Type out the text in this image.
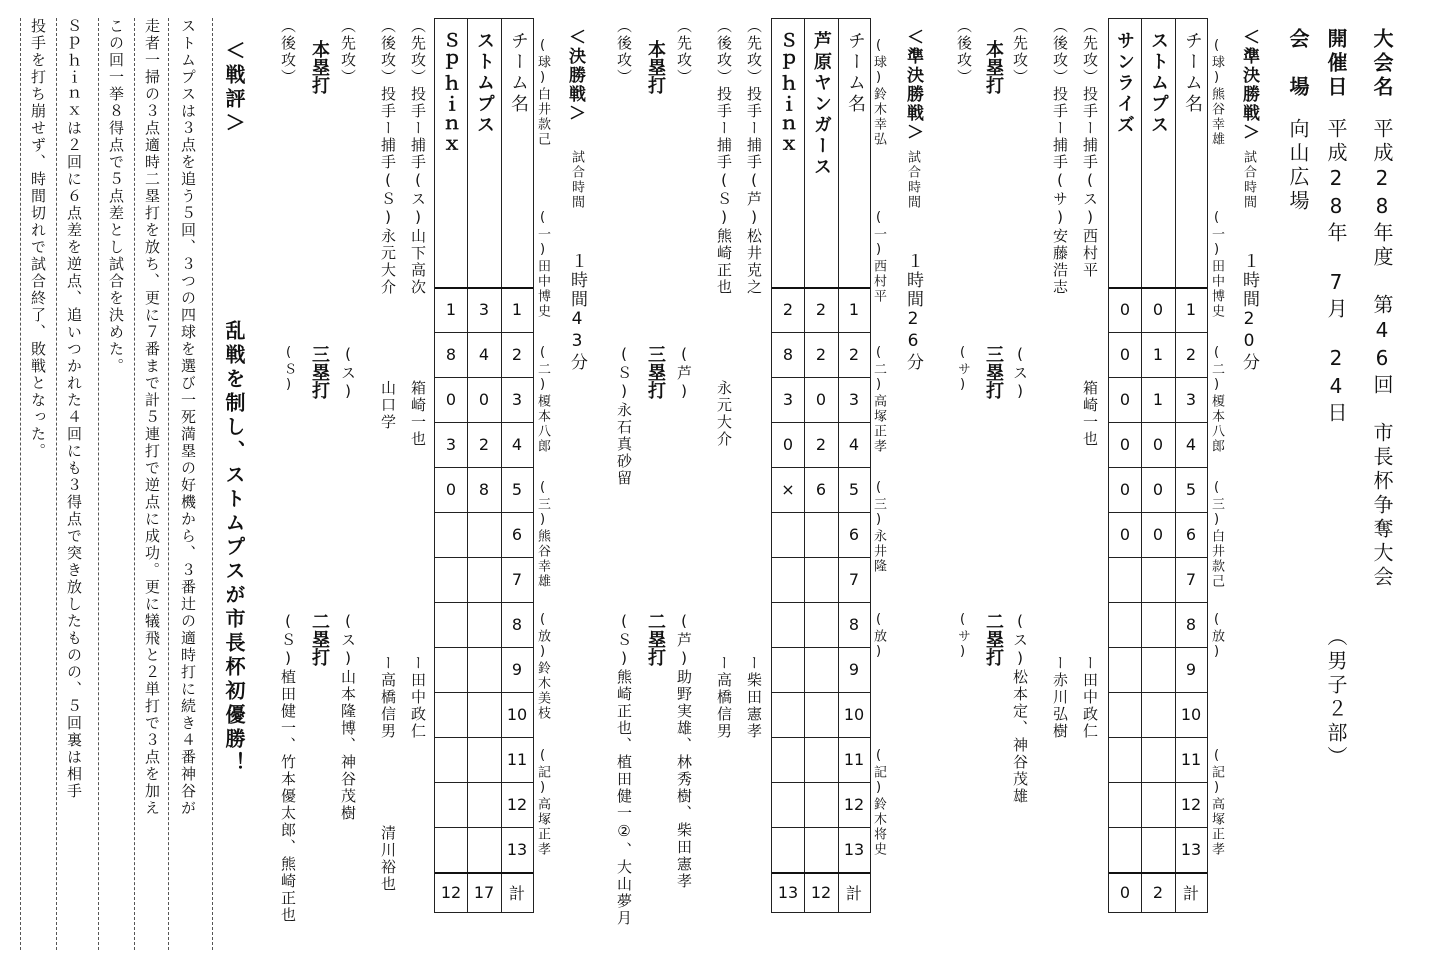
大会名
平成28年度　第46回　市長杯争奪大会
開催日
平成28年　7月　24日
会　場
向山広場
（男子２部）
＜準決勝戦＞
(球)熊谷幸雄
試合時間
１時間20分
(一)田中博史
(二)榎本八郎
(三)白井款己
(放)
(記)高塚正孝
チーム名
ストムプス
サンライズ
1
2
3
4
5
6
7
8
9
10
11
12
13
計
0
1
1
0
0
0
2
0
0
0
0
0
0
0
（先攻）投手ー捕手(ス)西村平
ー田中政仁
（後攻）投手ー捕手(サ)安藤浩志
ー赤川弘樹
箱崎一也
（先攻）
(ス)
(ス)松本定、神谷茂雄
本塁打
三塁打
二塁打
（後攻）
(サ)
(サ)
＜準決勝戦＞
(球)鈴木幸弘
試合時間
１時間26分
(一)西村平
(二)高塚正孝
(三)永井隆
(放)
(記)鈴木将史
チーム名
芦原ヤンガース
Ｓｐｈｉｎｘ
1
2
3
4
5
6
7
8
9
10
11
12
13
計
2
2
0
2
6
12
2
8
3
0
×
13
（先攻）投手ー捕手(芦)松井克之
ー柴田憲孝
（後攻）投手ー捕手(Ｓ)熊崎正也
ー高橋信男
永元大介
（先攻）
(芦)
(芦)助野実雄、林秀樹、柴田憲孝
本塁打
三塁打
二塁打
（後攻）
(Ｓ)永石真砂留
(Ｓ)熊崎正也、植田健一②、大山夢月
＜決勝戦＞
(球)白井款己
試合時間
１時間43分
(一)田中博史
(二)榎本八郎
(三)熊谷幸雄
(放)鈴木美枝
(記)高塚正孝
チーム名
ストムプス
Ｓｐｈｉｎｘ
1
2
3
4
5
6
7
8
9
10
11
12
13
計
3
4
0
2
8
17
1
8
0
3
0
12
（先攻）投手ー捕手(ス)山下高次
ー田中政仁
（後攻）投手ー捕手(Ｓ)永元大介
ー高橋信男
清川裕也
箱崎一也
山口学
（先攻）
(ス)
(ス)山本隆博、神谷茂樹
本塁打
三塁打
二塁打
（後攻）
(Ｓ)
(Ｓ)植田健一、竹本優太郎、熊崎正也
＜戦評＞
乱戦を制し、ストムプスが市長杯初優勝！
ストムプスは３点を追う５回、３つの四球を選び一死満塁の好機から、３番辻の適時打に続き４番神谷が
走者一掃の３点適時二塁打を放ち、更に７番まで計５連打で逆点に成功。更に犠飛と２単打で３点を加え
この回一挙８得点で５点差とし試合を決めた。
Ｓｐｈｉｎｘは２回に６点差を逆点、追いつかれた４回にも３得点で突き放したものの、５回裏は相手
投手を打ち崩せず、時間切れで試合終了、敗戦となった。
